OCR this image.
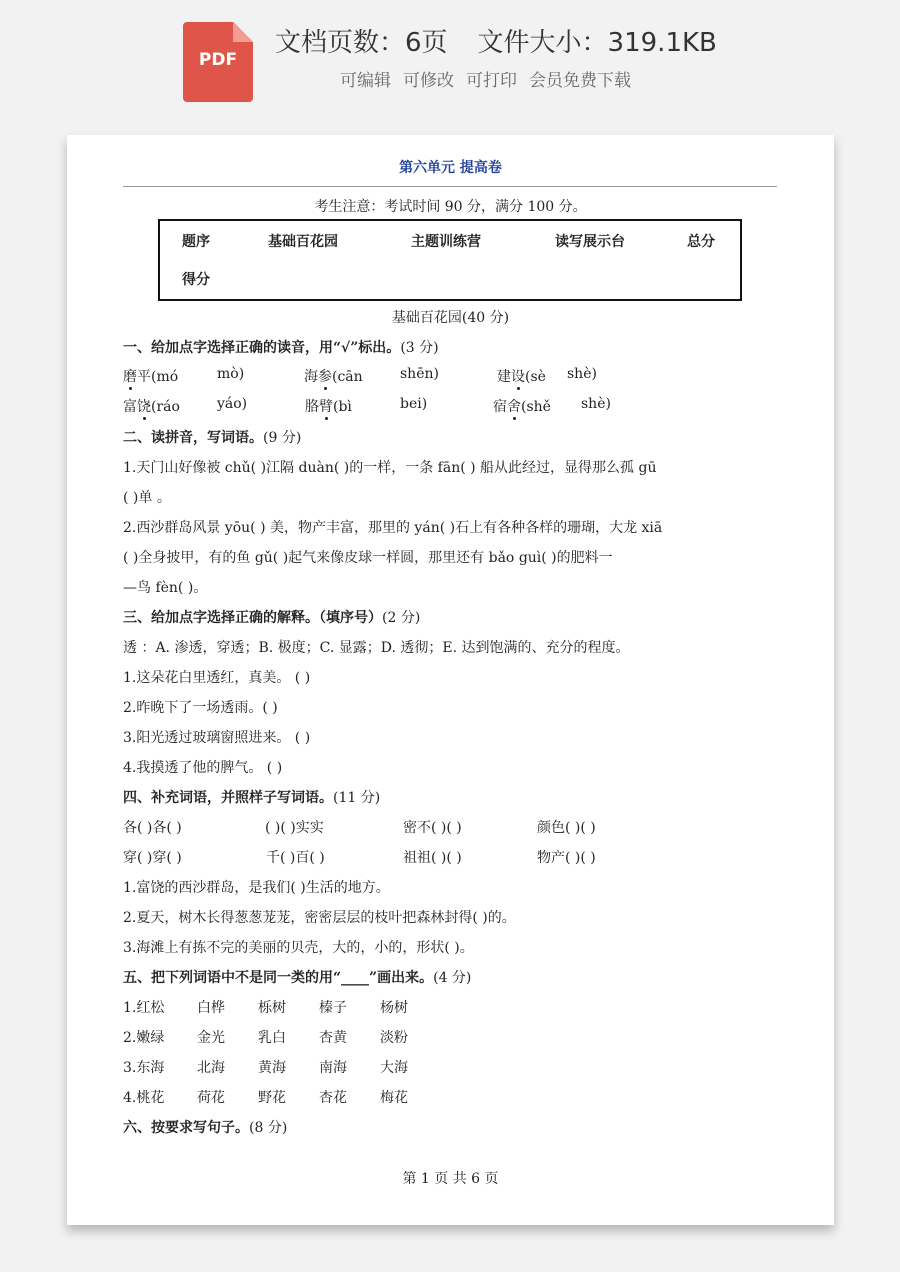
PDF
文档页数：6页 文件大小：319.1KB
可编辑 可修改 可打印 会员免费下载
第六单元 提高卷
考生注意：考试时间 90 分，满分 100 分。
题序	基础百花园	主题训练营	读写展示台	总分
得分
基础百花园(40 分)
一、给加点字选择正确的读音，用“√”标出。(3 分)
磨平(mó	mò)	海参(cān	shēn)	建设(sè shè)
富饶(ráo	yáo)	胳臂(bì	bei)	宿舍(shě shè)
二、读拼音，写词语。(9 分)
1.天门山好像被 chǔ( )江隔 duàn( )的一样，一条 fān( ) 船从此经过，显得那么孤 gū
( )单 。
2.西沙群岛风景 yōu( ) 美，物产丰富，那里的 yán( )石上有各种各样的珊瑚，大龙 xiā
( )全身披甲，有的鱼 gǔ( )起气来像皮球一样圆，那里还有 bǎo guì( )的肥料一
—鸟 fèn( )。
三、给加点字选择正确的解释。（填序号）(2 分)
透 ：A. 渗透，穿透；B. 极度；C. 显露；D. 透彻；E. 达到饱满的、充分的程度。
1.这朵花白里透红，真美。 ( )
2.昨晚下了一场透雨。( )
3.阳光透过玻璃窗照进来。 ( )
4.我摸透了他的脾气。 ( )
四、补充词语，并照样子写词语。(11 分)
各( )各( )	( )( )实实	密不( )( )	颜色( )( )
穿( )穿( )	千( )百( )	祖祖( )( )	物产( )( )
1.富饶的西沙群岛，是我们( )生活的地方。
2.夏天，树木长得葱葱茏茏，密密层层的枝叶把森林封得( )的。
3.海滩上有拣不完的美丽的贝壳，大的，小的，形状( )。
五、把下列词语中不是同一类的用“____”画出来。(4 分)
1.红松 白桦 栎树 榛子 杨树
2.嫩绿 金光 乳白 杏黄 淡粉
3.东海 北海 黄海 南海 大海
4.桃花 荷花 野花 杏花 梅花
六、按要求写句子。(8 分)
第 1 页 共 6 页
